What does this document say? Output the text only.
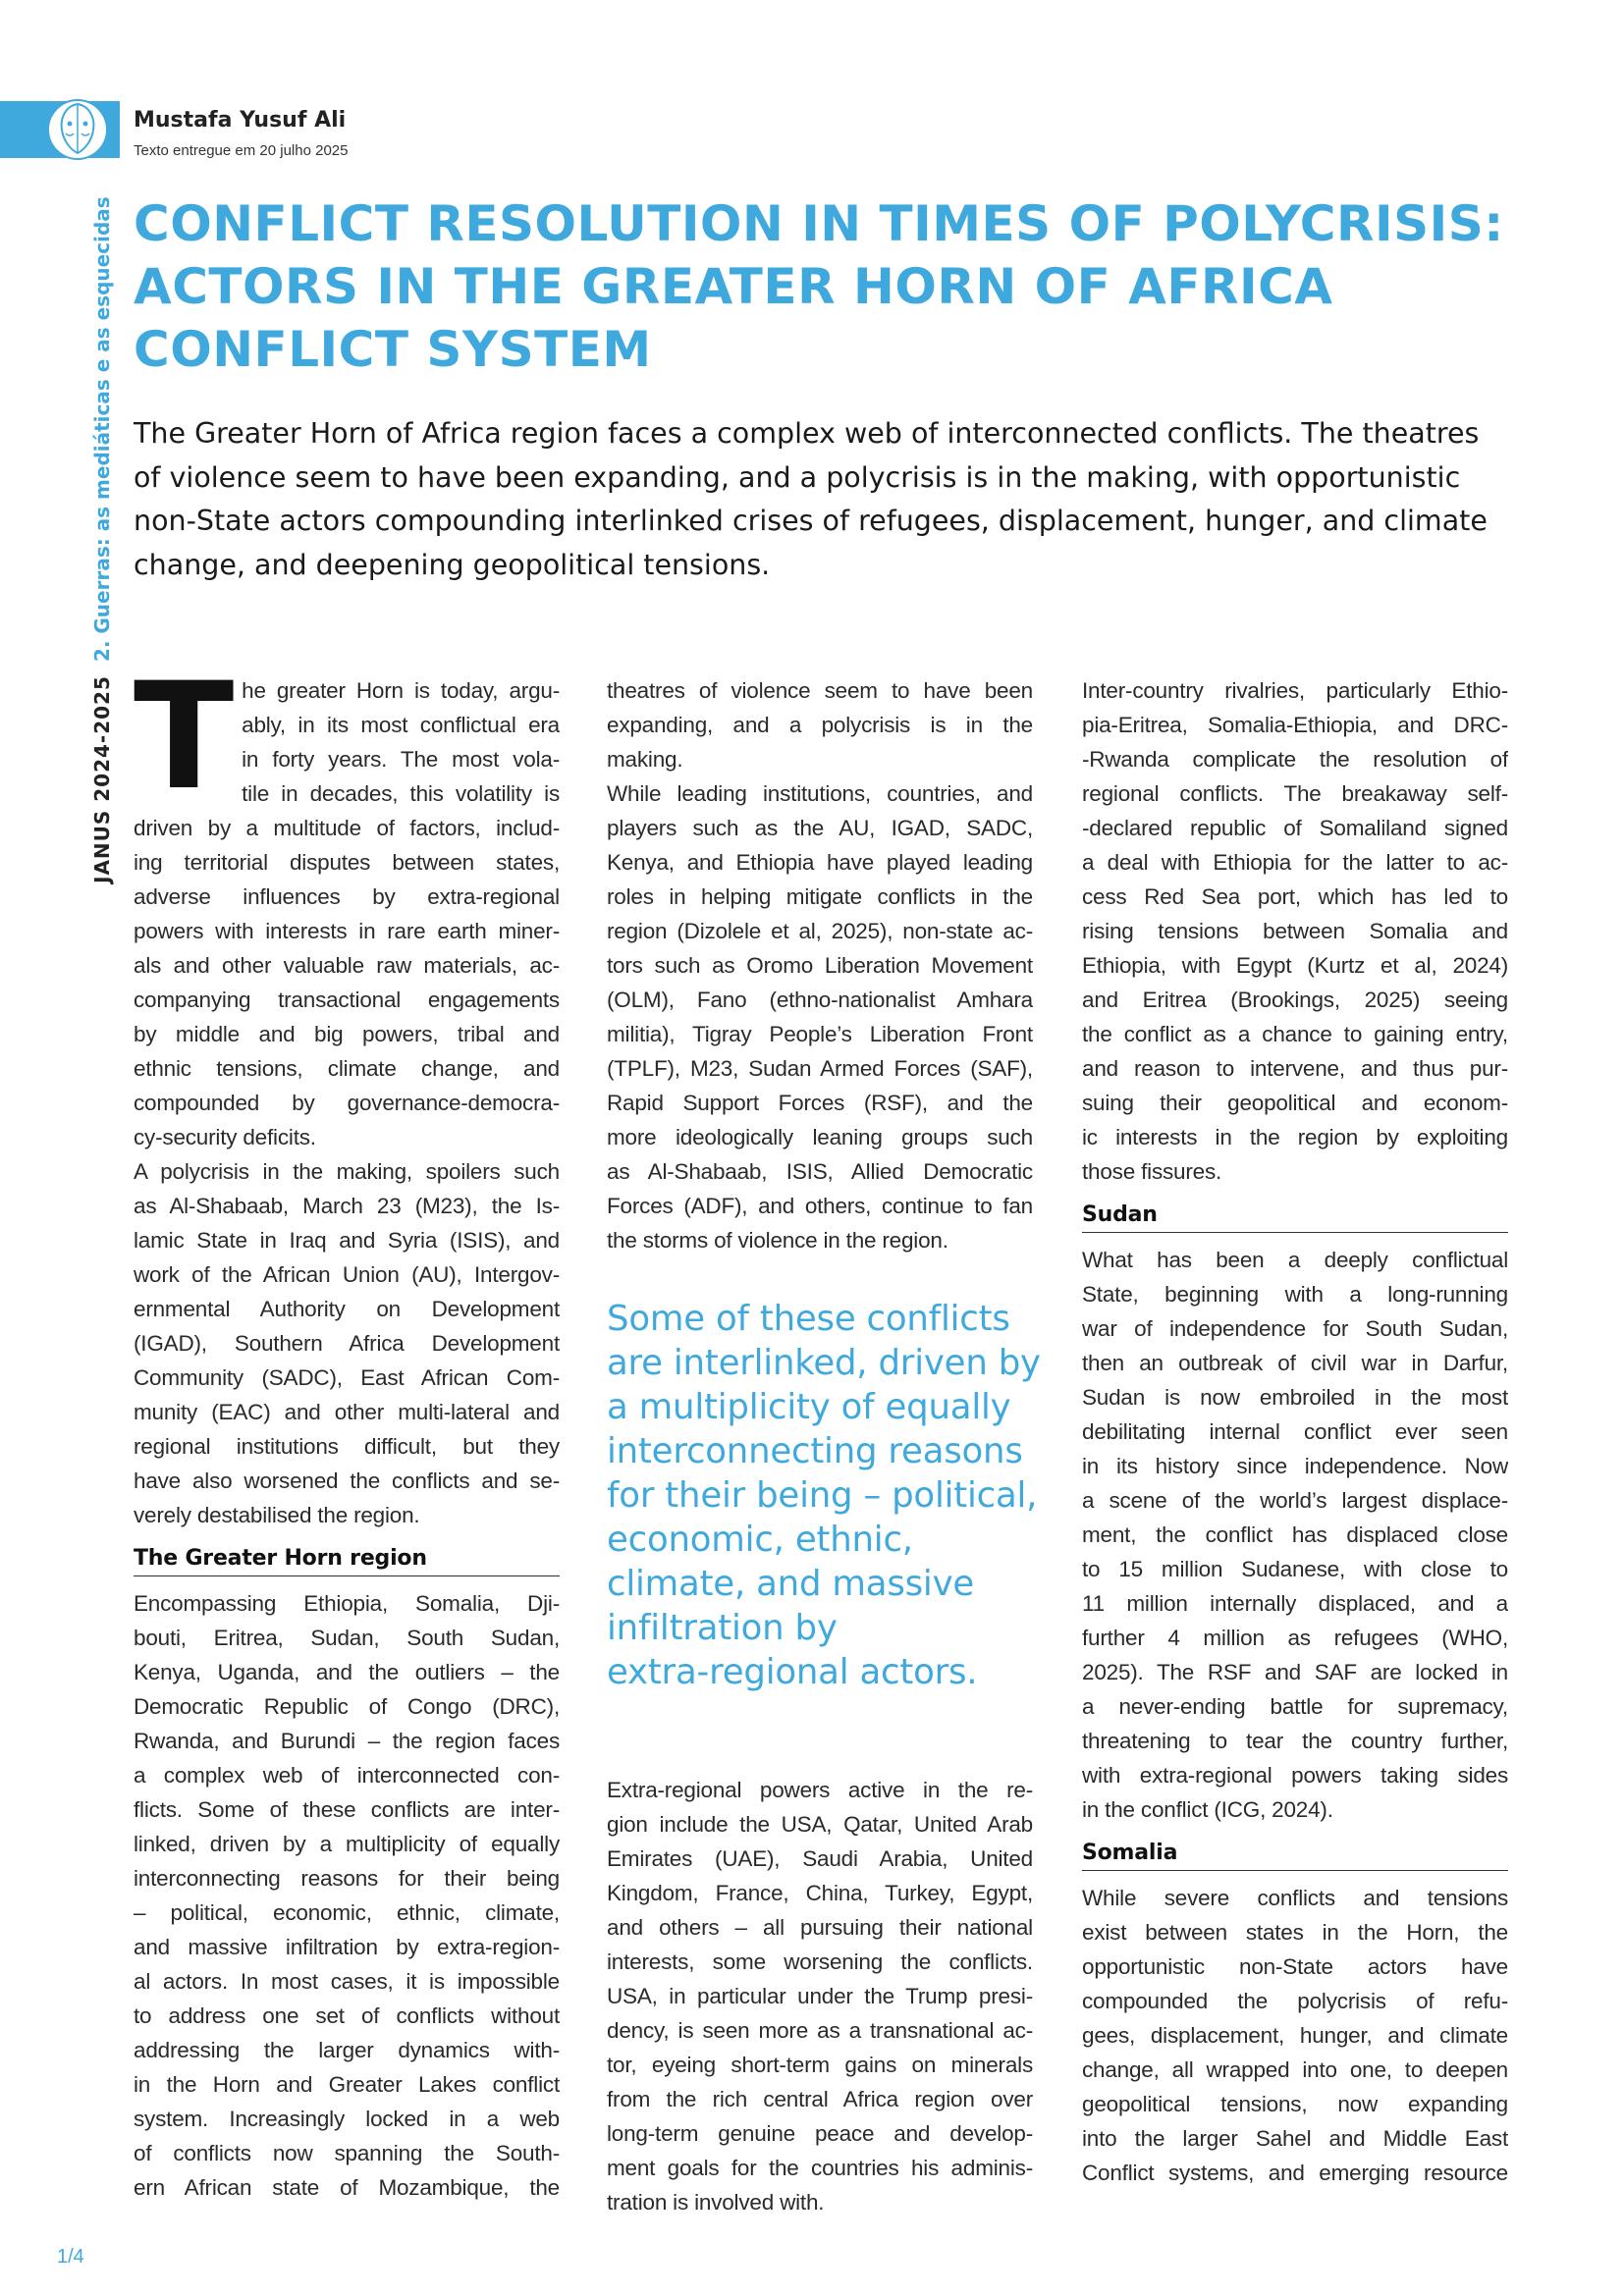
Mustafa Yusuf Ali
Texto entregue em 20 julho 2025
JANUS 2024-20252. Guerras: as mediáticas e as esquecidas CONFLICT RESOLUTION IN TIMES OF POLYCRISIS:
ACTORS IN THE GREATER HORN OF AFRICA
CONFLICT SYSTEM
The Greater Horn of Africa region faces a complex web of interconnected conflicts. The theatres
of violence seem to have been expanding, and a polycrisis is in the making, with opportunistic
non-State actors compounding interlinked crises of refugees, displacement, hunger, and climate
change, and deepening geopolitical tensions.
T he greater Horn is today, argu-
ably, in its most conflictual era
in forty years. The most vola-
tile in decades, this volatility is
driven by a multitude of factors, includ-
ing territorial disputes between states,
adverse influences by extra-regional
powers with interests in rare earth miner-
als and other valuable raw materials, ac-
companying transactional engagements
by middle and big powers, tribal and
ethnic tensions, climate change, and
compounded by governance-democra-
cy-security deficits.
A polycrisis in the making, spoilers such
as Al-Shabaab, March 23 (M23), the Is-
lamic State in Iraq and Syria (ISIS), and
work of the African Union (AU), Intergov-
ernmental Authority on Development
(IGAD), Southern Africa Development
Community (SADC), East African Com-
munity (EAC) and other multi-lateral and
regional institutions difficult, but they
have also worsened the conflicts and se-
verely destabilised the region.
The Greater Horn region
Encompassing Ethiopia, Somalia, Dji-
bouti, Eritrea, Sudan, South Sudan,
Kenya, Uganda, and the outliers – the
Democratic Republic of Congo (DRC),
Rwanda, and Burundi – the region faces
a complex web of interconnected con-
flicts. Some of these conflicts are inter-
linked, driven by a multiplicity of equally
interconnecting reasons for their being
– political, economic, ethnic, climate,
and massive infiltration by extra-region-
al actors. In most cases, it is impossible
to address one set of conflicts without
addressing the larger dynamics with-
in the Horn and Greater Lakes conflict
system. Increasingly locked in a web
of conflicts now spanning the South-
ern African state of Mozambique, the
theatres of violence seem to have been
expanding, and a polycrisis is in the
making.
While leading institutions, countries, and
players such as the AU, IGAD, SADC,
Kenya, and Ethiopia have played leading
roles in helping mitigate conflicts in the
region (Dizolele et al, 2025), non-state ac-
tors such as Oromo Liberation Movement
(OLM), Fano (ethno-nationalist Amhara
militia), Tigray People’s Liberation Front
(TPLF), M23, Sudan Armed Forces (SAF),
Rapid Support Forces (RSF), and the
more ideologically leaning groups such
as Al-Shabaab, ISIS, Allied Democratic
Forces (ADF), and others, continue to fan
the storms of violence in the region.
Some of these conflicts
are interlinked, driven by
a multiplicity of equally
interconnecting reasons
for their being – political,
economic, ethnic,
climate, and massive
infiltration by
extra-regional actors.
Extra-regional powers active in the re-
gion include the USA, Qatar, United Arab
Emirates (UAE), Saudi Arabia, United
Kingdom, France, China, Turkey, Egypt,
and others – all pursuing their national
interests, some worsening the conflicts.
USA, in particular under the Trump presi-
dency, is seen more as a transnational ac-
tor, eyeing short-term gains on minerals
from the rich central Africa region over
long-term genuine peace and develop-
ment goals for the countries his adminis-
tration is involved with.
Inter-country rivalries, particularly Ethio-
pia-Eritrea, Somalia-Ethiopia, and DRC-
-Rwanda complicate the resolution of
regional conflicts. The breakaway self-
-declared republic of Somaliland signed
a deal with Ethiopia for the latter to ac-
cess Red Sea port, which has led to
rising tensions between Somalia and
Ethiopia, with Egypt (Kurtz et al, 2024)
and Eritrea (Brookings, 2025) seeing
the conflict as a chance to gaining entry,
and reason to intervene, and thus pur-
suing their geopolitical and econom-
ic interests in the region by exploiting
those fissures.
Sudan
What has been a deeply conflictual
State, beginning with a long-running
war of independence for South Sudan,
then an outbreak of civil war in Darfur,
Sudan is now embroiled in the most
debilitating internal conflict ever seen
in its history since independence. Now
a scene of the world’s largest displace-
ment, the conflict has displaced close
to 15 million Sudanese, with close to
11 million internally displaced, and a
further 4 million as refugees (WHO,
2025). The RSF and SAF are locked in
a never-ending battle for supremacy,
threatening to tear the country further,
with extra-regional powers taking sides
in the conflict (ICG, 2024).
Somalia
While severe conflicts and tensions
exist between states in the Horn, the
opportunistic non-State actors have
compounded the polycrisis of refu-
gees, displacement, hunger, and climate
change, all wrapped into one, to deepen
geopolitical tensions, now expanding
into the larger Sahel and Middle East
Conflict systems, and emerging resource
1/4
